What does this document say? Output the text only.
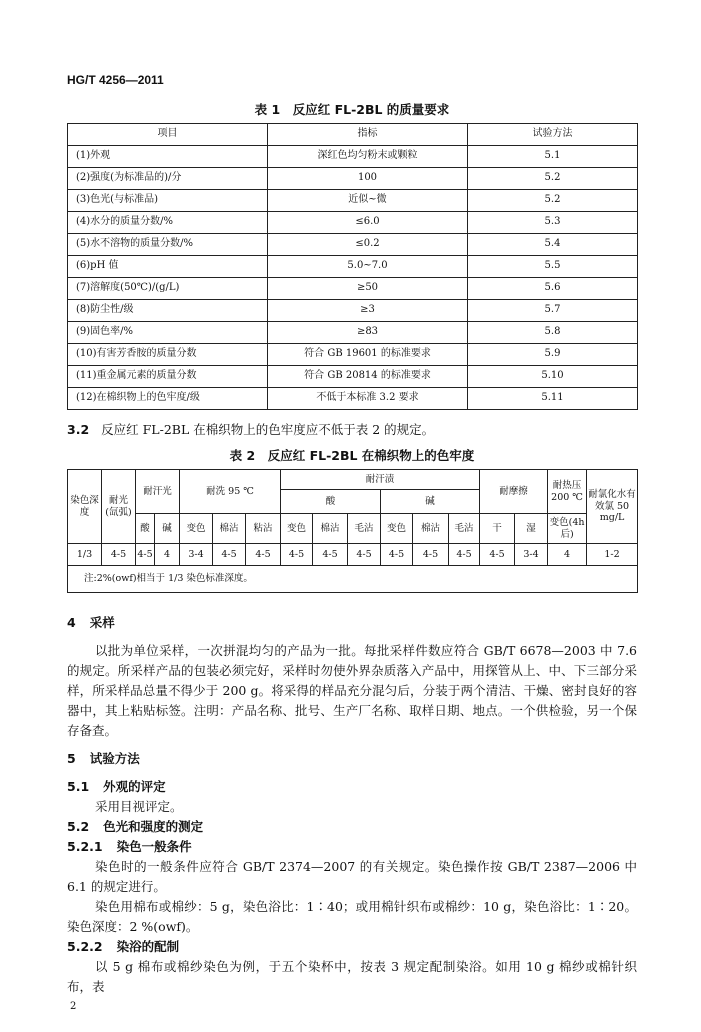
HG/T 4256—2011
表 1　反应红 FL-2BL 的质量要求
项目	指标	试验方法
(1)外观	深红色均匀粉末或颗粒	5.1
(2)强度(为标准品的)/分	100	5.2
(3)色光(与标准品)	近似~微	5.2
(4)水分的质量分数/%	≤6.0	5.3
(5)水不溶物的质量分数/%	≤0.2	5.4
(6)pH 值	5.0~7.0	5.5
(7)溶解度(50℃)/(g/L)	≥50	5.6
(8)防尘性/级	≥3	5.7
(9)固色率/%	≥83	5.8
(10)有害芳香胺的质量分数	符合 GB 19601 的标准要求	5.9
(11)重金属元素的质量分数	符合 GB 20814 的标准要求	5.10
(12)在棉织物上的色牢度/级	不低于本标准 3.2 要求	5.11
3.2 反应红 FL-2BL 在棉织物上的色牢度应不低于表 2 的规定。
表 2　反应红 FL-2BL 在棉织物上的色牢度
染色深度	耐光(氙弧)	耐汗光		耐洗 95 ℃			耐汗渍						耐摩擦		耐热压 200 ℃	耐氯化水有效氯 50 mg/L
							酸			碱						
		酸	碱	变色	棉沾	粘沾	变色	棉沾	毛沾	变色	棉沾	毛沾	干	湿	变色(4h后)	
1/3	4-5	4-5	4	3-4	4-5	4-5	4-5	4-5	4-5	4-5	4-5	4-5	4-5	3-4	4	1-2
注:2%(owf)相当于 1/3 染色标准深度。																
4 采样
以批为单位采样，一次拼混均匀的产品为一批。每批采样件数应符合 GB/T 6678—2003 中 7.6 的规定。所采样产品的包装必须完好，采样时勿使外界杂质落入产品中，用探管从上、中、下三部分采样，所采样品总量不得少于 200 g。将采得的样品充分混匀后，分装于两个清洁、干燥、密封良好的容器中，其上粘贴标签。注明：产品名称、批号、生产厂名称、取样日期、地点。一个供检验，另一个保存备查。
5 试验方法
5.1 外观的评定
采用目视评定。
5.2 色光和强度的测定
5.2.1 染色一般条件
染色时的一般条件应符合 GB/T 2374—2007 的有关规定。染色操作按 GB/T 2387—2006 中 6.1 的规定进行。
染色用棉布或棉纱：5 g，染色浴比：1∶40；或用棉针织布或棉纱：10 g，染色浴比：1∶20。染色深度：2 %(owf)。
5.2.2 染浴的配制
以 5 g 棉布或棉纱染色为例，于五个染杯中，按表 3 规定配制染浴。如用 10 g 棉纱或棉针织布，表
2
